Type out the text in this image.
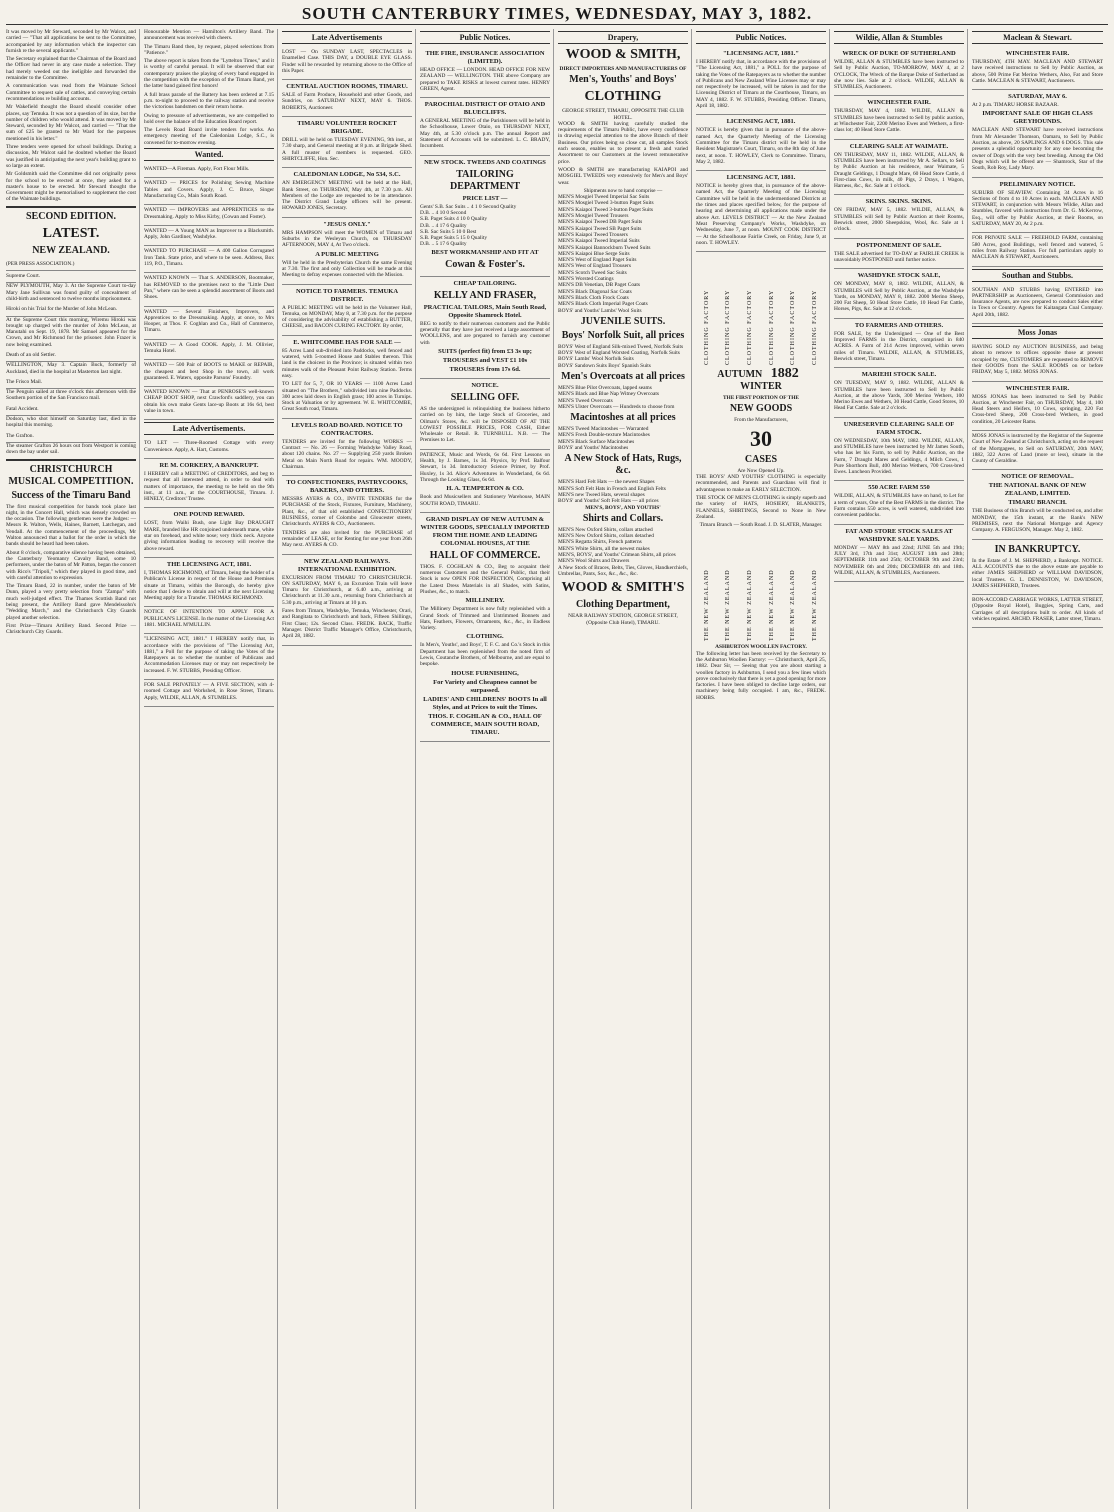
SOUTH CANTERBURY TIMES, WEDNESDAY, MAY 3, 1882.

It was moved by Mr Steward, seconded by Mr Walcot, and carried — "That all applications be sent to the Committee, accompanied by any information which the inspector can furnish re the several applicants."

The Secretary explained that the Chairman of the Board and the Officer had never in any case made a selection. They had merely weeded out the ineligible and forwarded the remainder to the Committee.

A communication was read from the Waimate School Committee to request sale of cattles, and conveying certain recommendations re building accounts.

Mr Wakefield thought the Board should consider other places, say Temuka. It was not a question of its size, but the number of children who would attend. It was moved by Mr Steward, seconded by Mr Walcot, and carried — "That the sum of £25 be granted to Mr Ward for the purposes mentioned in his letter."

Three tenders were opened for school buildings. During a discussion, Mr Walcot said he doubted whether the Board was justified in anticipating the next year's building grant to so large an extent.

Mr Goldsmith said the Committee did not originally press for the school to be erected at once, they asked for a master's house to be erected. Mr Steward thought the Government might be memorialised to supplement the cost of the Waimate buildings.

SECOND EDITION.
LATEST.
NEW ZEALAND.
(PER PRESS ASSOCIATION.)
Supreme Court.

NEW PLYMOUTH, May 3. At the Supreme Court to-day Mary Jane Sullivan was found guilty of concealment of child-birth and sentenced to twelve months imprisonment.

Hiroki on his Trial for the Murder of John McLean.

At the Supreme Court this morning, Wiremu Hiroki was brought up charged with the murder of John McLean, at Manutahi on Sept. 19, 1878. Mr Samuel appeared for the Crown, and Mr Richmond for the prisoner. John Frazer is now being examined.

Death of an old Settler.

WELLINGTON, May 3. Captain Buck, formerly of Auckland, died in the hospital at Masterton last night.

The Frisco Mail.

The Penguin sailed at three o'clock this afternoon with the Southern portion of the San Francisco mail.

Fatal Accident.

Dodson, who shot himself on Saturday last, died in the hospital this morning.

The Grafton.

The steamer Grafton 26 hours out from Westport is coming down the bay under sail.

CHRISTCHURCH MUSICAL COMPETITION.
Success of the Timaru Band

The first musical competition for bands took place last night, in the Concert Hall, which was densely crowded on the occasion. The following gentlemen were the Judges: — Messrs R. Walton, Wells, Haines, Barnett, Latchegan, and Vendall. At the commencement of the proceedings, Mr Walton announced that a ballot for the order in which the bands should be heard had been taken.

About 8 o'clock, comparative silence having been obtained, the Canterbury Yeomanry Cavalry Band, some 10 performers, under the baton of Mr Patton, began the concert with Rico's "Tripoli," which they played in good time, and with careful attention to expression.

The Timaru Band, 22 in number, under the baton of Mr Dunn, played a very pretty selection from "Zampa" with much well-judged effect. The Thames Scottish Band not being present, the Artillery Band gave Mendelssohn's "Wedding March," and the Christchurch City Guards played another selection.

First Prize—Timaru Artillery Band. Second Prize — Christchurch City Guards.

Honourable Mention — Hamilton's Artillery Band. The announcement was received with cheers.

The Timaru Band then, by request, played selections from "Patience."

The above report is taken from the "Lyttelton Times," and it is worthy of careful perusal. It will be observed that our contemporary praises the playing of every band engaged in the competition with the exception of the Timaru Band, yet the latter band gained first honors!

A full brass parade of the Battery has been ordered at 7.15 p.m. to-night to proceed to the railway station and receive the victorious bandsmen on their return home.

Owing to pressure of advertisements, we are compelled to hold over the balance of the Education Board report.

The Levels Road Board invite tenders for works. An emergency meeting of the Caledonian Lodge, S.C., is convened for to-morrow evening.

Wanted.

WANTED—A Fireman. Apply, Fort Flour Mills.

WANTED — PRICES for Polishing Sewing Machine Tables and Covers. Apply, J. C. Bruce, Singer Manufacturing Co., Main South Road.

WANTED — IMPROVERS and APPRENTICES to the Dressmaking. Apply to Miss Kirby, (Cowan and Foster).

WANTED — A Young MAN as Improver to a Blacksmith. Apply, John Gardiner, Washdyke.

WANTED TO PURCHASE — A 400 Gallon Corrugated Iron Tank. State price, and where to be seen. Address, Box 119, P.O., Timaru.

WANTED KNOWN — That S. ANDERSON, Bootmaker, has REMOVED to the premises next to the "Little Dust Pan," where can be seen a splendid assortment of Boots and Shoes.

WANTED — Several Finishers, Improvers, and Apprentices to the Dressmaking. Apply, at once, to Mrs Hooper, at Thos. F. Coghlan and Co., Hall of Commerce, Timaru.

WANTED — A Good COOK. Apply, J. M. Ollivier, Temuka Hotel.

WANTED — 500 Pair of BOOTS to MAKE or REPAIR, the cheapest and best Shop in the town, all work guaranteed. E. Waters, opposite Parsons' Foundry.

WANTED KNOWN — That at PENROSE'S well-known CHEAP BOOT SHOP, next Crawford's saddlery, you can obtain his own make Gents lace-up Boots at 16s 6d, best value in town.

Late Advertisements.

TO LET — Three-Roomed Cottage with every Convenience. Apply, A. Hart, Customs.

RE M. CORKERY, A BANKRUPT.

I HEREBY call a MEETING of CREDITORS, and beg to request that all interested attend, in order to deal with matters of importance, the meeting to be held on the 9th inst., at 11 a.m., at the COURTHOUSE, Timaru. J. HINELY, Creditors' Trustee.

ONE POUND REWARD.

LOST, from Waihi Bush, one Light Bay DRAUGHT MARE, branded like HR conjoined underneath mane, white star on forehead, and white nose; very thick neck. Anyone giving information leading to recovery will receive the above reward.

THE LICENSING ACT, 1881.

I, THOMAS RICHMOND, of Timaru, being the holder of a Publican's License in respect of the House and Premises situate at Timaru, within the Borough, do hereby give notice that I desire to obtain and will at the next Licensing Meeting apply for a Transfer. THOMAS RICHMOND.

NOTICE OF INTENTION TO APPLY FOR A PUBLICAN'S LICENSE. In the matter of the Licensing Act 1881. MICHAEL M'MULLIN.

"LICENSING ACT, 1881." I HEREBY notify that, in accordance with the provisions of "The Licensing Act, 1881," a Poll for the purpose of taking the Votes of the Ratepayers as to whether the number of Publicans and Accommodation Licenses may or may not respectively be increased. F. W. STUBBS, Presiding Officer.

FOR SALE PRIVATELY — A FIVE SECTION, with 4-roomed Cottage and Workshed, in Rose Street, Timaru. Apply, WILDIE, ALLAN, & STUMBLES.

Late Advertisements

LOST — On SUNDAY LAST, SPECTACLES in Enamelled Case. THIS DAY, a DOUBLE EYE GLASS. Finder will be rewarded by returning above to the Office of this Paper.

CENTRAL AUCTION ROOMS, TIMARU.

SALE of Farm Produce, Household and other Goods, and Sundries, on SATURDAY NEXT, MAY 6. THOS. ROBERTS, Auctioneer.

TIMARU VOLUNTEER ROCKET BRIGADE.

DRILL will be held on TUESDAY EVENING, 9th inst., at 7.30 sharp, and General meeting at 8 p.m. at Brigade Shed. A full muster of members is requested. GEO. SHIRTCLIFFE, Hon. Sec.

CALEDONIAN LODGE, No 534, S.C.

AN EMERGENCY MEETING will be held at the Hall, Bank Street, on THURSDAY, May 4th, at 7.30 p.m. All Members of the Lodge are requested to be in attendance. The District Grand Lodge officers will be present. HOWARD JONES, Secretary.

"JESUS ONLY."

MRS HAMPSON will meet the WOMEN of Timaru and Suburbs in the Wesleyan Church, on THURSDAY AFTERNOON, MAY 4, At Two o'clock.

A PUBLIC MEETING

Will be held in the Presbyterian Church the same Evening at 7.30. The first and only Collection will be made at this Meeting to defray expenses connected with the Mission.

NOTICE TO FARMERS. TEMUKA DISTRICT.

A PUBLIC MEETING will be held in the Volunteer Hall, Temuka, on MONDAY, May 8, at 7.30 p.m. for the purpose of considering the advisability of establishing a BUTTER, CHEESE, and BACON CURING FACTORY. By order,

E. WHITCOMBE HAS FOR SALE —

85 Acres Land sub-divided into Paddocks, well fenced and watered, with 5-roomed House and Stables thereon. This land is the choicest in the Province; is situated within two minutes walk of the Pleasant Point Railway Station. Terms easy.

TO LET for 5, 7, OR 10 YEARS — 1100 Acres Land situated on "The Brothers," subdivided into nine Paddocks. 300 acres laid down in English grass; 100 acres in Turnips. Stock at Valuation or by agreement. W. E. WHITCOMBE, Great South road, Timaru.

LEVELS ROAD BOARD. NOTICE TO CONTRACTORS.

TENDERS are invited for the following WORKS — Contract — No. 26 — Forming Washdyke Valley Road, about 120 chains. No. 27 — Supplying 250 yards Broken Metal on Main North Road for repairs. WM. MOODY, Chairman.

TO CONFECTIONERS, PASTRYCOOKS, BAKERS, AND OTHERS.

MESSRS AYERS & CO., INVITE TENDERS for the PURCHASE of the Stock, Fixtures, Furniture, Machinery, Plant, &c., of that old established CONFECTIONERY BUSINESS, corner of Colombo and Gloucester streets, Christchurch. AYERS & CO., Auctioneers.

TENDERS are also invited for the PURCHASE of remainder of LEASE, or for Renting for one year from 26th May next. AYERS & CO.

NEW ZEALAND RAILWAYS. INTERNATIONAL EXHIBITION.

EXCURSION FROM TIMARU TO CHRISTCHURCH. ON SATURDAY, MAY 6, an Excursion Train will leave Timaru for Christchurch, at 6.40 a.m., arriving at Christchurch at 11.30 a.m., returning from Christchurch at 5.30 p.m., arriving at Timaru at 10 p.m.

Fares from Timaru, Washdyke, Temuka, Winchester, Orari, and Rangitata to Christchurch and back, Fifteen Shillings, First Class; 12s. Second Class. FREDK. BACK, Traffic Manager. District Traffic Manager's Office, Christchurch, April 28, 1882.

Public Notices.
THE FIRE, INSURANCE ASSOCIATION (LIMITED).

HEAD OFFICE — LONDON. HEAD OFFICE FOR NEW ZEALAND — WELLINGTON. THE above Company are prepared to TAKE RISKS at lowest current rates. HENRY GREEN, Agent.

PAROCHIAL DISTRICT OF OTAIO AND BLUECLIFFS.

A GENERAL MEETING of the Parishioners will be held in the Schoolhouse, Lower Otaio, on THURSDAY NEXT, May 4th, at 5.30 o'clock p.m. The annual Report and Statement of Accounts will be submitted. L. C. BRADY, Incumbent.

NEW STOCK. TWEEDS AND COATINGS
TAILORING DEPARTMENT
PRICE LIST —

Gents' S.B. Sac Suits .. 4 1 0 Second Quality

D.B. .. 4 10 0 Second

S.B. Paget Suits 4 10 0 Quality

D.B. .. 4 17 6 Quality

S.B. Sac Suits 5 10 0 Best

S.B. Paget Suits 5 15 0 Quality

D.B. .. 5 17 6 Quality

BEST WORKMANSHIP AND FIT AT
Cowan & Foster's.
CHEAP TAILORING.
KELLY AND FRASER,
PRACTICAL TAILORS, Main South Road, Opposite Shamrock Hotel.

BEG to notify to their numerous customers and the Public generally that they have just received a large assortment of WOOLLENS, and are prepared to furnish any customer with

SUITS (perfect fit) from £3 3s up;
TROUSERS and VEST £1 10s
TROUSERS from 17s 6d.
NOTICE.
SELLING OFF.

AS the undersigned is relinquishing the business hitherto carried on by him, the large Stock of Groceries, and Oilman's Stores, &c. will be DISPOSED OF AT THE LOWEST POSSIBLE PRICES, FOR CASH, Either Wholesale or Retail. R. TURNBULL. N.B. — The Premises to Let.

PATIENCE, Music and Words, 6s 6d. First Lessons on Health, by J. Barnes, 1s 3d. Physics, by Prof. Balfour Stewart, 1s 3d. Introductory Science Primer, by Prof. Huxley, 1s 3d. Alice's Adventures in Wonderland, 6s 6d. Through the Looking Glass, 6s 6d.

H. A. TEMPERTON & CO.

Book and Musicsellers and Stationery Warehouse, MAIN SOUTH ROAD, TIMARU.

GRAND DISPLAY OF NEW AUTUMN & WINTER GOODS, SPECIALLY IMPORTED FROM THE HOME AND LEADING COLONIAL HOUSES, AT THE
HALL OF COMMERCE.

THOS. F. COGHLAN & CO., Beg to acquaint their numerous Customers and the General Public, that their Stock is now OPEN FOR INSPECTION, Comprising all the Latest Dress Materials in all Shades, with Satins, Plushes, &c., to match.

MILLINERY.

The Millinery Department is now fully replenished with a Grand Stock of Trimmed and Untrimmed Bonnets and Hats, Feathers, Flowers, Ornaments, &c., &c., in Endless Variety.

CLOTHING.

In Men's, Youths', and Boys', T. F. C. and Co.'s Stock in this Department has been replenished from the noted firm of Lewis, Coutanche Brothers, of Melbourne, and are equal to bespoke.

HOUSE FURNISHING,
For Variety and Cheapness cannot be surpassed.
LADIES' AND CHILDRENS' BOOTS In all Styles, and at Prices to suit the Times.
THOS. F. COGHLAN & CO., HALL OF COMMERCE, MAIN SOUTH ROAD, TIMARU.
Drapery,
WOOD & SMITH,
DIRECT IMPORTERS AND MANUFACTURERS OF
Men's, Youths' and Boys'
CLOTHING
GEORGE STREET, TIMARU, OPPOSITE THE CLUB HOTEL.

WOOD & SMITH having carefully studied the requirements of the Timaru Public, have every confidence in drawing especial attention to the above Branch of their Business. Our prices being so close cut, all samples Stock each season, enables us to present a fresh and varied Assortment to our Customers at the lowest remunerative price.

WOOD & SMITH are manufacturing KAIAPOI and MOSGIEL TWEEDS very extensively for Men's and Boys' wear.

Shipments now to hand comprise —

MEN'S Mosgiel Tweed Imperial Sac Suits

MEN'S Mosgiel Tweed 3-button Paget Suits

MEN'S Kaiapoi Tweed 3-button Paget Suits

MEN'S Mosgiel Tweed Trousers

MEN'S Kaiapoi Tweed DB Paget Suits

MEN'S Kaiapoi Tweed SB Paget Suits

MEN'S Kaiapoi Tweed Trousers

MEN'S Kaiapoi Tweed Imperial Suits

MEN'S Kaiapoi Bannockburn Tweed Suits

MEN'S Kaiapoi Blue Serge Suits

MEN'S West of England Paget Suits

MEN'S West of England Trousers

MEN'S Scotch Tweed Sac Suits

MEN'S Worsted Coatings

MEN'S DB Venetian, DB Paget Coats

MEN'S Black Diagonal Sac Coats

MEN'S Black Cloth Frock Coats

MEN'S Black Cloth Imperial Paget Coats

BOYS' and Youths' Lambs' Wool Suits

JUVENILE SUITS.
Boys' Norfolk Suit, all prices

BOYS' West of England Silk-mixed Tweed, Norfolk Suits

BOYS' West of England Worsted Coating, Norfolk Suits

BOYS' Lambs' Wool Norfolk Suits

BOYS' Sandown Suits Boys' Spanish Suits

Men's Overcoats at all prices

MEN'S Blue Pilot Overcoats, lapped seams

MEN'S Black and Blue Nap Witney Overcoats

MEN'S Tweed Overcoats

MEN'S Ulster Overcoats — Hundreds to choose from

Macintoshes at all prices

MEN'S Tweed Macintoshes — Warranted

MEN'S Fresh Double-texture Macintoshes

MEN'S Black Surface Macintoshes

BOYS' and Youths' Macintoshes

A New Stock of Hats, Rugs, &c.

MEN'S Hard Felt Hats — the newest Shapes

MEN'S Soft Felt Hats in French and English Felts

MEN'S new Tweed Hats, several shapes

BOYS' and Youths' Soft Felt Hats — all prices

MEN'S, BOYS', AND YOUTHS'
Shirts and Collars.

MEN'S New Oxford Shirts, collars attached

MEN'S New Oxford Shirts, collars detached

MEN'S Regatta Shirts, French patterns

MEN'S White Shirts, all the newest makes

MEN'S, BOYS', and Youths' Crimean Shirts, all prices

MEN'S Wool Shirts and Drawers

A New Stock of Braces, Belts, Ties, Gloves, Handkerchiefs, Umbrellas, Pants, Sox, &c., &c., &c.

WOOD & SMITH'S
Clothing Department,
NEAR RAILWAY STATION, GEORGE STREET, (Opposite Club Hotel), TIMARU.
Public Notices.
"LICENSING ACT, 1881."

I HEREBY notify that, in accordance with the provisions of "The Licensing Act, 1881," a POLL for the purpose of taking the Votes of the Ratepayers as to whether the number of Publicans and New Zealand Wine Licenses may or may not respectively be increased, will be taken in and for the Licensing District of Timaru at the Courthouse, Timaru, on MAY 4, 1882. F. W. STUBBS, Presiding Officer. Timaru, April 18, 1882.

LICENSING ACT, 1881.

NOTICE is hereby given that in pursuance of the above-named Act, the Quarterly Meeting of the Licensing Committee for the Timaru district will be held in the Resident Magistrate's Court, Timaru, on the 8th day of June next, at noon. T. HOWLEY, Clerk to Committee. Timaru, May 2, 1882.

LICENSING ACT, 1881.

NOTICE is hereby given that, in pursuance of the above-named Act, the Quarterly Meeting of the Licensing Committee will be held in the undermentioned Districts at the times and places specified below, for the purpose of hearing and determining all applications made under the above Act. LEVELS DISTRICT — At the New Zealand Meat Preserving Company's Works, Washdyke, on Wednesday, June 7, at noon. MOUNT COOK DISTRICT — At the Schoolhouse Fairlie Creek, on Friday, June 9, at noon. T. HOWLEY.

CLOTHING FACTORY	CLOTHING FACTORY	CLOTHING FACTORY	CLOTHING FACTORY	CLOTHING FACTORY	CLOTHING FACTORY
AUTUMN 1882 WINTER
THE FIRST PORTION OF THE
NEW GOODS
From the Manufacturers,
30
CASES
Are Now Opened Up.

THE BOYS' AND YOUTHS' CLOTHING is especially recommended, and Parents and Guardians will find it advantageous to make an EARLY SELECTION.

THE STOCK OF MEN'S CLOTHING is simply superb and the variety of HATS, HOSIERY, BLANKETS, FLANNELS, SHIRTINGS, Second to None in New Zealand.

Timaru Branch — South Road. J. D. SLATER, Manager.
THE NEW ZEALAND	THE NEW ZEALAND	THE NEW ZEALAND	THE NEW ZEALAND	THE NEW ZEALAND	THE NEW ZEALAND
ASHBURTON WOOLLEN FACTORY.

The following letter has been received by the Secretary to the Ashburton Woollen Factory: — Christchurch, April 25, 1882. Dear Sir, — Seeing that you are about starting a woollen factory in Ashburton, I send you a few lines which prove conclusively that there is yet a good opening for more factories. I have been obliged to decline large orders, our machinery being fully occupied. I am, &c., FREDK. HOBBS.

Wildie, Allan & Stumbles
WRECK OF DUKE OF SUTHERLAND

WILDIE, ALLAN & STUMBLES have been instructed to Sell by Public Auction, TO-MORROW, MAY 4, at 2 O'CLOCK, The Wreck of the Barque Duke of Sutherland as she now lies. Sale at 2 o'clock. WILDIE, ALLAN & STUMBLES, Auctioneers.

WINCHESTER FAIR.

THURSDAY, MAY 4, 1882. WILDIE, ALLAN & STUMBLES have been instructed to Sell by public auction, at Winchester Fair, 2200 Merino Ewes and Wethers, a first-class lot; 40 Head Store Cattle.

CLEARING SALE AT WAIMATE.

ON THURSDAY, MAY 11, 1882. WILDIE, ALLAN, & STUMBLES have been instructed by Mr A. Sellars, to Sell by Public Auction at his residence, near Waimate, 5 Draught Geldings, 1 Draught Mare, 60 Head Store Cattle, 4 First-class Cows, in milk, 40 Pigs, 2 Drays, 1 Wagon, Harness, &c., &c. Sale at 1 o'clock.

SKINS. SKINS. SKINS.

ON FRIDAY, MAY 5, 1882. WILDIE, ALLAN, & STUMBLES will Sell by Public Auction at their Rooms, Beswick street, 2000 Sheepskins, Wool, &c. Sale at 1 o'clock.

POSTPONEMENT OF SALE.

THE SALE advertised for TO-DAY at FAIRLIE CREEK is unavoidably POSTPONED until further notice.

WASHDYKE STOCK SALE,

ON MONDAY, MAY 8, 1882. WILDIE, ALLAN, & STUMBLES will Sell by Public Auction, at the Washdyke Yards, on MONDAY, MAY 8, 1882. 2000 Merino Sheep, 200 Fat Sheep, 50 Head Store Cattle, 10 Head Fat Cattle, Horses, Pigs, &c. Sale at 12 o'clock.

TO FARMERS AND OTHERS.

FOR SALE, by the Undersigned — One of the Best Improved FARMS in the District, comprised in 840 ACRES. A Farm of 214 Acres improved, within seven miles of Timaru. WILDIE, ALLAN, & STUMBLES, Beswick street, Timaru.

MARIEHI STOCK SALE.

ON TUESDAY, MAY 9, 1882. WILDIE, ALLAN & STUMBLES have been instructed to Sell by Public Auction, at the above Yards, 300 Merino Wethers, 100 Merino Ewes and Wethers, 30 Head Cattle, Good Stores, 10 Head Fat Cattle. Sale at 2 o'clock.

UNRESERVED CLEARING SALE OF FARM STOCK.

ON WEDNESDAY, 10th MAY, 1882. WILDIE, ALLAN, and STUMBLES have been instructed by Mr James South, who has let his Farm, to sell by Public Auction, on the Farm, 7 Draught Mares and Geldings, 4 Milch Cows, 1 Pure Shorthorn Bull, 400 Merino Wethers, 700 Cross-bred Ewes. Luncheon Provided.

550 ACRE FARM 550

WILDIE, ALLAN, & STUMBLES have on hand, to Let for a term of years, One of the Best FARMS in the district. The Farm contains 550 acres, is well watered, subdivided into convenient paddocks.

FAT AND STORE STOCK SALES AT WASHDYKE SALE YARDS.

MONDAY — MAY 8th and 22nd; JUNE 5th and 19th; JULY 3rd, 17th and 31st; AUGUST 14th and 28th; SEPTEMBER 11th and 25th; OCTOBER 9th and 23rd; NOVEMBER 6th and 20th; DECEMBER 4th and 18th. WILDIE, ALLAN, & STUMBLES, Auctioneers.

Maclean & Stewart.
WINCHESTER FAIR.

THURSDAY, 4TH MAY. MACLEAN AND STEWART have received instructions to Sell by Public Auction, as above, 500 Prime Fat Merino Wethers, Also, Fat and Store Cattle. MACLEAN & STEWART, Auctioneers.

SATURDAY, MAY 6.

At 2 p.m. TIMARU HORSE BAZAAR.

IMPORTANT SALE OF HIGH CLASS GREYHOUNDS.

MACLEAN AND STEWART have received instructions from Mr Alexander Thomson, Oamaru, to Sell by Public Auction, as above, 20 SAPLINGS AND 6 DOGS. This sale presents a splendid opportunity for any one becoming the owner of Dogs with the very best breeding. Among the Old Dogs which will be offered are — Shamrock, Star of the South, Rob Roy, Lady Mary.

PRELIMINARY NOTICE.

SUBURB OF SEAVIEW. Containing 34 Acres in 16 Sections of from 4 to 10 Acres in each. MACLEAN AND STEWART, in conjunction with Messrs Wildie, Allan and Stumbles, favored with instructions from Dr. G. McKerrow, Esq., will offer by Public Auction, at their Rooms, on SATURDAY, MAY 20, At 2 p.m.

FOR PRIVATE SALE — FREEHOLD FARM, containing 580 Acres, good Buildings, well fenced and watered, 5 miles from Railway Station. For full particulars apply to MACLEAN & STEWART, Auctioneers.

Southan and Stubbs.

SOUTHAN AND STUBBS having ENTERED into PARTNERSHIP as Auctioneers, General Commission and Insurance Agents, are now prepared to conduct Sales either in Town or Country. Agents for Kaitangata Coal Company. April 20th, 1882.

Moss Jonas

HAVING SOLD my AUCTION BUSINESS, and being about to remove to offices opposite those at present occupied by me, CUSTOMERS are requested to REMOVE their GOODS from the SALE ROOMS on or before FRIDAY, May 5, 1882. MOSS JONAS.

WINCHESTER FAIR.

MOSS JONAS has been instructed to Sell by Public Auction, at Winchester Fair, on THURSDAY, May 4, 100 Head Steers and Heifers, 10 Cows, springing, 220 Fat Cross-bred Sheep, 200 Cross-bred Wethers, in good condition, 20 Leicester Rams.

MOSS JONAS is instructed by the Registrar of the Supreme Court of New Zealand at Christchurch, acting on the request of the Mortgagees, to Sell on SATURDAY, 20th MAY, 1882, 322 Acres of Land (more or less), situate in the County of Geraldine.

NOTICE OF REMOVAL.
THE NATIONAL BANK OF NEW ZEALAND, LIMITED.
TIMARU BRANCH.

THE Business of this Branch will be conducted on, and after MONDAY, the 15th instant, at the Bank's NEW PREMISES, next the National Mortgage and Agency Company. A. FERGUSON, Manager. May 2, 1882.

IN BANKRUPTCY.

In the Estate of J. M. SHEPHERD, a Bankrupt. NOTICE. ALL ACCOUNTS due to the above estate are payable to either JAMES SHEPHERD or WILLIAM DAVIDSON, local Trustees. G. L. DENNISTON, W. DAVIDSON, JAMES SHEPHERD, Trustees.

BON-ACCORD CARRIAGE WORKS, LATTER STREET, (Opposite Royal Hotel), Buggies, Spring Carts, and Carriages of all descriptions built to order. All kinds of vehicles repaired. ARCHD. FRASER, Latter street, Timaru.
